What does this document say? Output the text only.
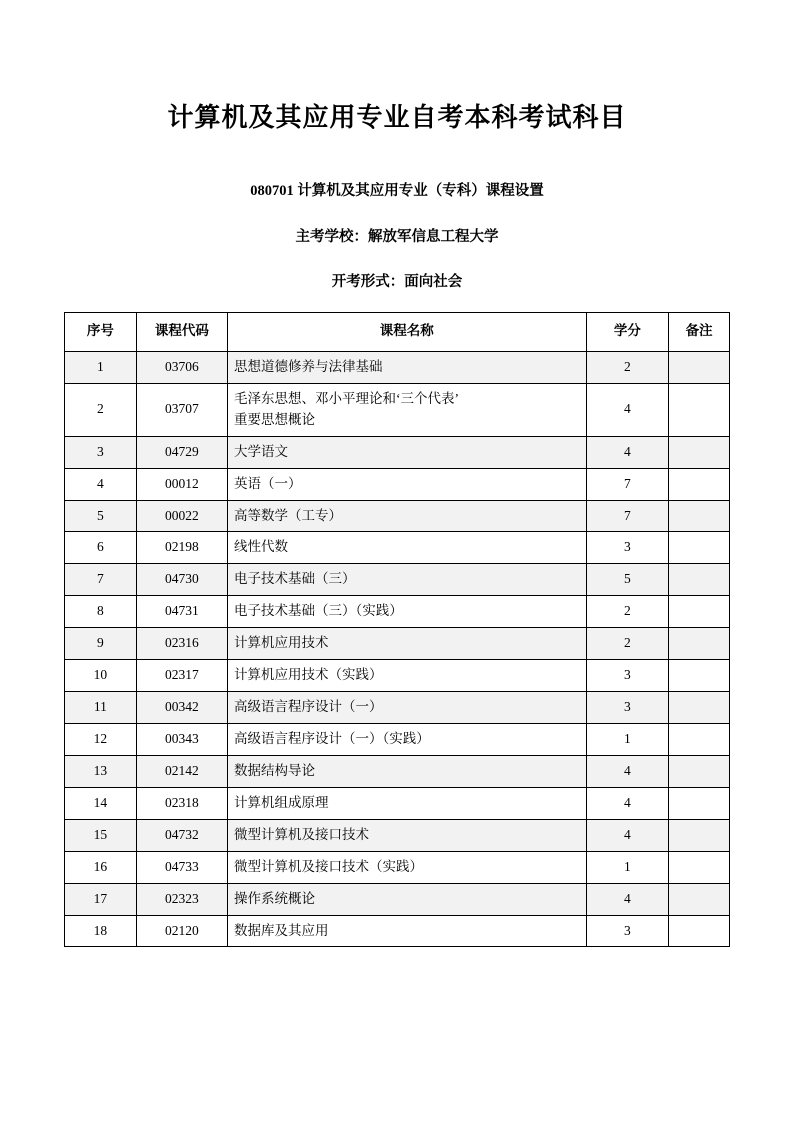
计算机及其应用专业自考本科考试科目
080701 计算机及其应用专业（专科）课程设置
主考学校：解放军信息工程大学
开考形式：面向社会
序号	课程代码	课程名称	学分	备注
1	03706	思想道德修养与法律基础	2	
2	03707	毛泽东思想、邓小平理论和‘三个代表’
重要思想概论	4	
3	04729	大学语文	4	
4	00012	英语（一）	7	
5	00022	高等数学（工专）	7	
6	02198	线性代数	3	
7	04730	电子技术基础（三）	5	
8	04731	电子技术基础（三）（实践）	2	
9	02316	计算机应用技术	2	
10	02317	计算机应用技术（实践）	3	
11	00342	高级语言程序设计（一）	3	
12	00343	高级语言程序设计（一）（实践）	1	
13	02142	数据结构导论	4	
14	02318	计算机组成原理	4	
15	04732	微型计算机及接口技术	4	
16	04733	微型计算机及接口技术（实践）	1	
17	02323	操作系统概论	4	
18	02120	数据库及其应用	3	
